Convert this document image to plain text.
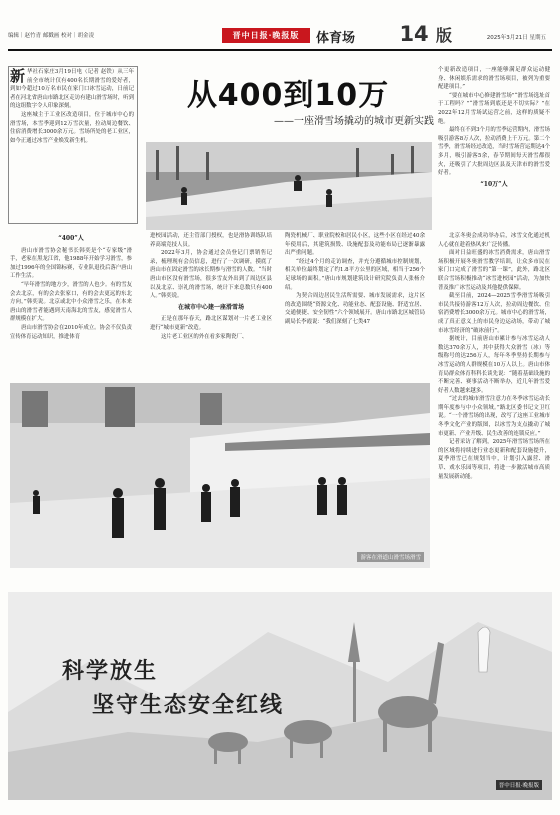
编辑｜赵竹青 邮戳画 校对｜胡金凌	晋中日报·晚报版	体育场 14 版	2025年3月21日 星期五

新华社石家庄3月19日电（记者 赵铁）从三年前全市统计仅有400名长期滑雪的爱好者，到如今超过10万名市民在家门口冰雪运动，日前记者在河北省唐山市路北区走访有建山滑雪场时，听到的这组数字令人印象深刻。

这座城主于工业区改造项目，位于城市中心的滑雪场，本雪季迎到12万雪次量，拉动周边餐饮、住宿消费增长3000余万元。雪场所处的老工业区，如今正通过冰雪产业焕发新生机。

从400到10万
——一座滑雪场撬动的城市更新实践

“400”人

唐山市滑雪协会秘书长韩奕是个“专家级”滑手，老家在黑龙江省，他1988年开始学习滑雪，参加过1996年的全国锦标赛，专业队退役后落户唐山工作生活。

“早年滑雪的地方少，滑雪的人也少。有的雪友会去北京，有的会去张家口，有的会去更远的东北方向，”韩奕说。北京或北中小众滑雪之乐，在本来唐山的滑雪者能遇到天南海北的雪友，感觉滑雪人群规模在扩大。

唐山市滑雪协会在2010年成立。协会不仅负责宣传体育运动知识，推进体育

进校园活动，还主管部门授权，也是滑协训练队培养高端竞技人员。

2022年3月，协会通过会员登记门票销售记录，梳理现有会员信息，进行了一次调研，摸底了唐山市在固定滑雪的冰长期参与滑雪的人数。“当时唐山市区没有滑雪场，很多雪友外出到了周边区县以及北京、崇礼的滑雪场，统计下来总数只有400人。”韩奕说。

在城市中心建一座滑雪场

正是在那年春天，路北区谋划对一片老工业区进行“城市更新”改造。

这片老工业区的外在看多家陶瓷厂、

陶瓷机械厂、职业院校和居民小区，这些小区在经过40余年使用后，其建筑损毁、设施配套及功能布局已逐渐暴露出严重问题。

“经过4个月的走访调查，并充分遵循城市控制规划，相关单位最终划定了约1.8平方公里的区域，相当于256个足球场的面积。”唐山市规划建筑设计研究院负责人张杨介绍。

为契合周边居民生活所需要、城市发展需求，这片区的改造围绕“资源文化、功能业态、配套设施、舒适宜居、交通便捷、安全韧性”六个领域展开。唐山市路北区城管局副局长李霞说：“我们深刻了七类47

个更新改造项目，一座能够满足群众运动健身、休闲娱乐需求的滑雪场项目，被列为重要配建项目。”

“要在城市中心修建滑雪场”“滑雪场选址首于工程吗？”“滑雪场到底还是不切实际？”在2022年12月雪场试运营之前，这样的质疑不绝。

最终在不到3个月的雪季运营期内，滑雪场吸引游客8万人次，拉动消费上千万元。第二个雪季，滑雪场经过改造，当时雪场营运期达4个多月，吸引游客5余，春节期间每天滑雪都很火，还吸引了大批周边区县及天津市的滑雪爱好者。

“10万”人

北京冬奥会成功举办后，冰雪文化通过机人心就在趁着热风来广泛传播。

面对日益旺盛的冰雪消费需求，唐山滑雪场积极开展冬奥滑雪教学培训，让众多市民在家门口完成了滑雪的“第一课”，此外，路北区联合雪场积极推动“冰雪进校园”活动，为加快普及推广冰雪运动及其他提供保障。

截至目前，2024—2025雪季滑雪场吸引市民共接待游客12万人次，拉动周边餐饮、住宿消费增长3000余万元。城市中心的滑雪场，成了真正意义上的市民身边运动场，带动了城市冰雪经济的“破冰前行”。

据统计，目前唐山市累计参与冰雪运动人数达370余万人，其中获得大众滑雪（冰）等级称号的达256万人，每年冬季坚持长期参与冰雪运动的人群规模在10万人以上。唐山市体育局群众体育科科长谈先说：“随着基础设施的不断完善、赛事活动不断举办，近几年滑雪爱好者人数越来越多。

“过去的城市滑雪注意力在冬季冰雪运动长期年度参与中小众领域。”路北区委书记文卫红说。“一个滑雪场的出现，改写了这座工业城市冬季文化产业的版图，以冰雪为支点撬动了城市更新、产业升级、民生改善的连锁反应。”

记者采访了解到，2025年滑雪场雪场所在的区域将持续进行业态更新和配套设施提升，夏季滑雪已在规划当中，计划引入露营、滑草、戏水乐园等项目，将进一步激活城市高质量发展新动能。

游客在滑道山滑雪场滑雪
科学放生
坚守生态安全红线
晋中日报·晚报版
